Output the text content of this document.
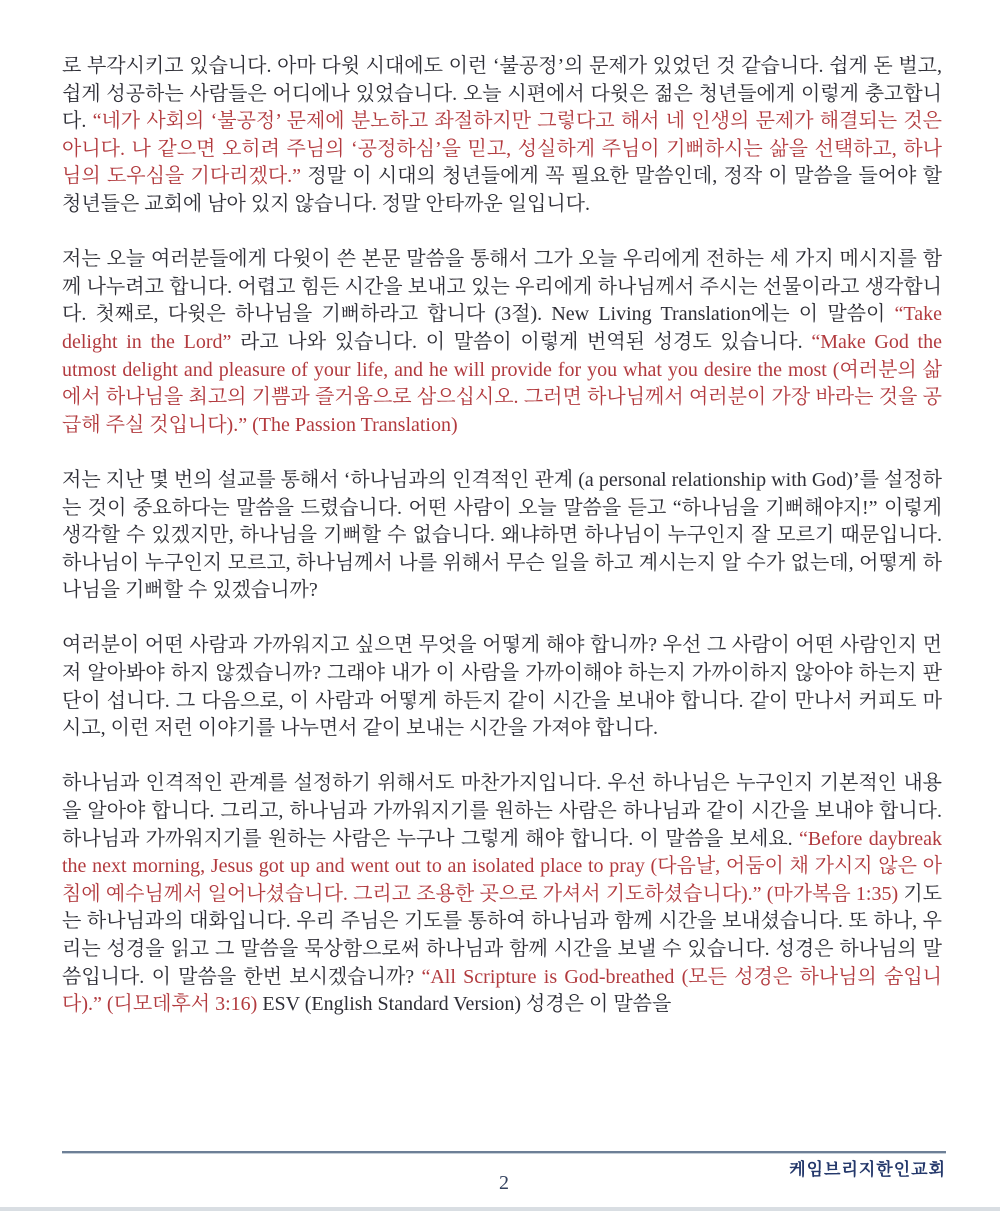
로 부각시키고 있습니다. 아마 다윗 시대에도 이런 ‘불공정’의 문제가 있었던 것 같습니다. 쉽게 돈 벌고, 쉽게 성공하는 사람들은 어디에나 있었습니다. 오늘 시편에서 다윗은 젊은 청년들에게 이렇게 충고합니다. “네가 사회의 ‘불공정’ 문제에 분노하고 좌절하지만 그렇다고 해서 네 인생의 문제가 해결되는 것은 아니다. 나 같으면 오히려 주님의 ‘공정하심’을 믿고, 성실하게 주님이 기뻐하시는 삶을 선택하고, 하나님의 도우심을 기다리겠다.” 정말 이 시대의 청년들에게 꼭 필요한 말씀인데, 정작 이 말씀을 들어야 할 청년들은 교회에 남아 있지 않습니다. 정말 안타까운 일입니다.

저는 오늘 여러분들에게 다윗이 쓴 본문 말씀을 통해서 그가 오늘 우리에게 전하는 세 가지 메시지를 함께 나누려고 합니다. 어렵고 힘든 시간을 보내고 있는 우리에게 하나님께서 주시는 선물이라고 생각합니다. 첫째로, 다윗은 하나님을 기뻐하라고 합니다 (3절). New Living Translation에는 이 말씀이 “Take delight in the Lord” 라고 나와 있습니다. 이 말씀이 이렇게 번역된 성경도 있습니다. “Make God the utmost delight and pleasure of your life, and he will provide for you what you desire the most (여러분의 삶에서 하나님을 최고의 기쁨과 즐거움으로 삼으십시오. 그러면 하나님께서 여러분이 가장 바라는 것을 공급해 주실 것입니다).” (The Passion Translation)

저는 지난 몇 번의 설교를 통해서 ‘하나님과의 인격적인 관계 (a personal relationship with God)’를 설정하는 것이 중요하다는 말씀을 드렸습니다. 어떤 사람이 오늘 말씀을 듣고 “하나님을 기뻐해야지!” 이렇게 생각할 수 있겠지만, 하나님을 기뻐할 수 없습니다. 왜냐하면 하나님이 누구인지 잘 모르기 때문입니다. 하나님이 누구인지 모르고, 하나님께서 나를 위해서 무슨 일을 하고 계시는지 알 수가 없는데, 어떻게 하나님을 기뻐할 수 있겠습니까?

여러분이 어떤 사람과 가까워지고 싶으면 무엇을 어떻게 해야 합니까? 우선 그 사람이 어떤 사람인지 먼저 알아봐야 하지 않겠습니까? 그래야 내가 이 사람을 가까이해야 하는지 가까이하지 않아야 하는지 판단이 섭니다. 그 다음으로, 이 사람과 어떻게 하든지 같이 시간을 보내야 합니다. 같이 만나서 커피도 마시고, 이런 저런 이야기를 나누면서 같이 보내는 시간을 가져야 합니다.

하나님과 인격적인 관계를 설정하기 위해서도 마찬가지입니다. 우선 하나님은 누구인지 기본적인 내용을 알아야 합니다. 그리고, 하나님과 가까워지기를 원하는 사람은 하나님과 같이 시간을 보내야 합니다. 하나님과 가까워지기를 원하는 사람은 누구나 그렇게 해야 합니다. 이 말씀을 보세요. “Before daybreak the next morning, Jesus got up and went out to an isolated place to pray (다음날, 어둠이 채 가시지 않은 아침에 예수님께서 일어나셨습니다. 그리고 조용한 곳으로 가셔서 기도하셨습니다).” (마가복음 1:35) 기도는 하나님과의 대화입니다. 우리 주님은 기도를 통하여 하나님과 함께 시간을 보내셨습니다. 또 하나, 우리는 성경을 읽고 그 말씀을 묵상함으로써 하나님과 함께 시간을 보낼 수 있습니다. 성경은 하나님의 말씀입니다. 이 말씀을 한번 보시겠습니까? “All Scripture is God-breathed (모든 성경은 하나님의 숨입니다).” (디모데후서 3:16) ESV (English Standard Version) 성경은 이 말씀을

케임브리지한인교회
2
